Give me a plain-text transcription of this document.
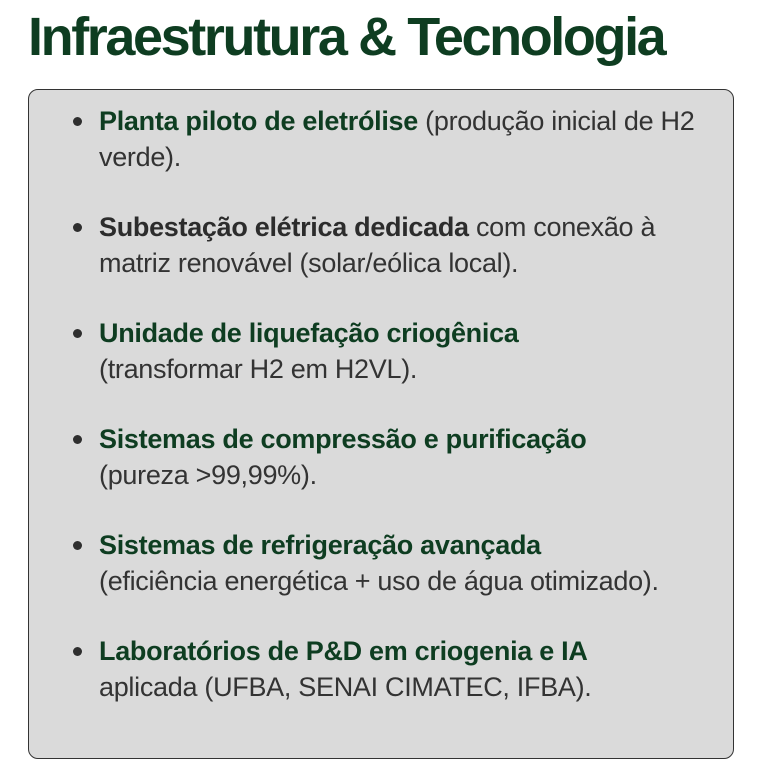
Infraestrutura & Tecnologia
Planta piloto de eletrólise (produção inicial de H2 verde).
Subestação elétrica dedicada com conexão à matriz renovável (solar/eólica local).
Unidade de liquefação criogênica
(transformar H2 em H2VL).
Sistemas de compressão e purificação
(pureza >99,99%).
Sistemas de refrigeração avançada
(eficiência energética + uso de água otimizado).
Laboratórios de P&D em criogenia e IA
aplicada (UFBA, SENAI CIMATEC, IFBA).
